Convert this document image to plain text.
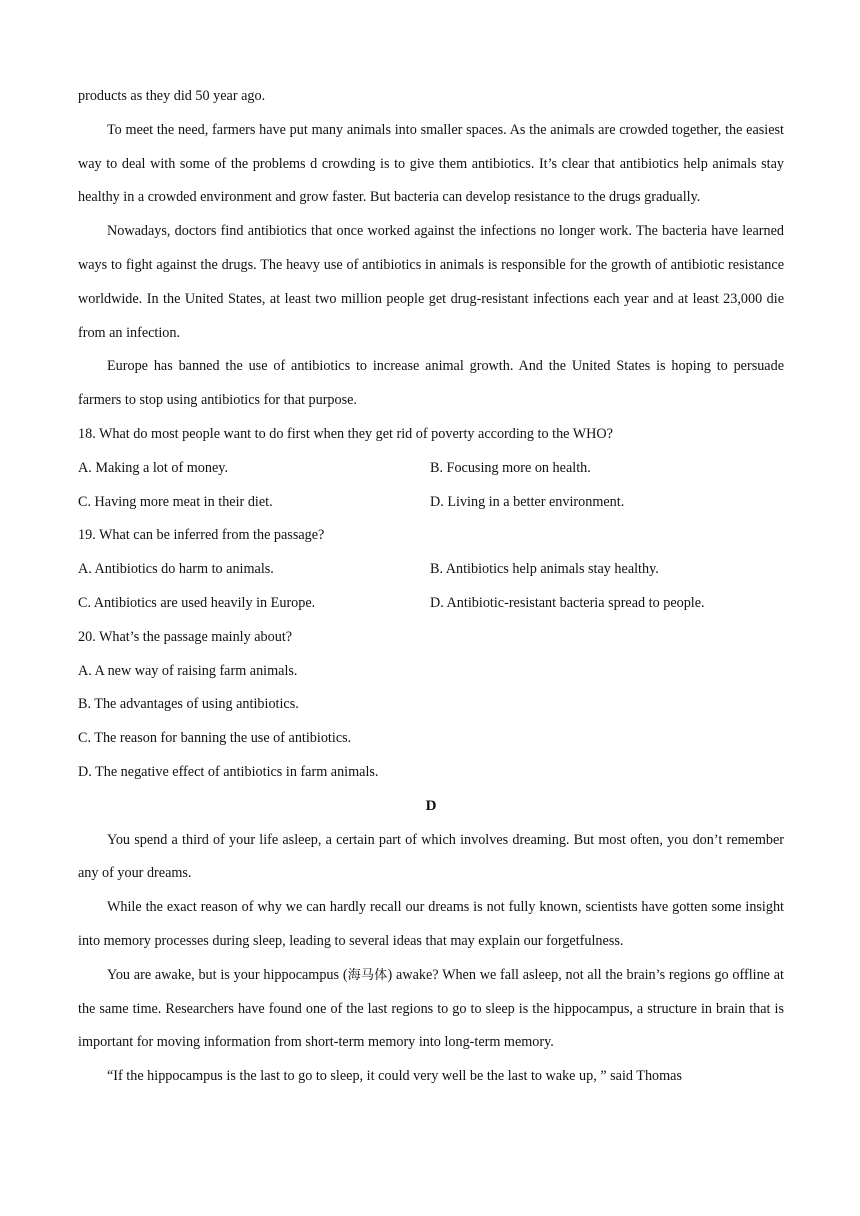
products as they did 50 year ago.

To meet the need, farmers have put many animals into smaller spaces. As the animals are crowded together, the easiest way to deal with some of the problems d crowding is to give them antibiotics. It’s clear that antibiotics help animals stay healthy in a crowded environment and grow faster. But bacteria can develop resistance to the drugs gradually.

Nowadays, doctors find antibiotics that once worked against the infections no longer work. The bacteria have learned ways to fight against the drugs. The heavy use of antibiotics in animals is responsible for the growth of antibiotic resistance worldwide. In the United States, at least two million people get drug-resistant infections each year and at least 23,000 die from an infection.

Europe has banned the use of antibiotics to increase animal growth. And the United States is hoping to persuade farmers to stop using antibiotics for that purpose.

18. What do most people want to do first when they get rid of poverty according to the WHO?

A. Making a lot of money.	B. Focusing more on health.
C. Having more meat in their diet.	D. Living in a better environment.

19. What can be inferred from the passage?

A. Antibiotics do harm to animals.	B. Antibiotics help animals stay healthy.
C. Antibiotics are used heavily in Europe.	D. Antibiotic-resistant bacteria spread to people.

20. What’s the passage mainly about?

A. A new way of raising farm animals.

B. The advantages of using antibiotics.

C. The reason for banning the use of antibiotics.

D. The negative effect of antibiotics in farm animals.

D

You spend a third of your life asleep, a certain part of which involves dreaming. But most often, you don’t remember any of your dreams.

While the exact reason of why we can hardly recall our dreams is not fully known, scientists have gotten some insight into memory processes during sleep, leading to several ideas that may explain our forgetfulness.

You are awake, but is your hippocampus (海马体) awake? When we fall asleep, not all the brain’s regions go offline at the same time. Researchers have found one of the last regions to go to sleep is the hippocampus, a structure in brain that is important for moving information from short-term memory into long-term memory.

“If the hippocampus is the last to go to sleep, it could very well be the last to wake up, ” said Thomas
